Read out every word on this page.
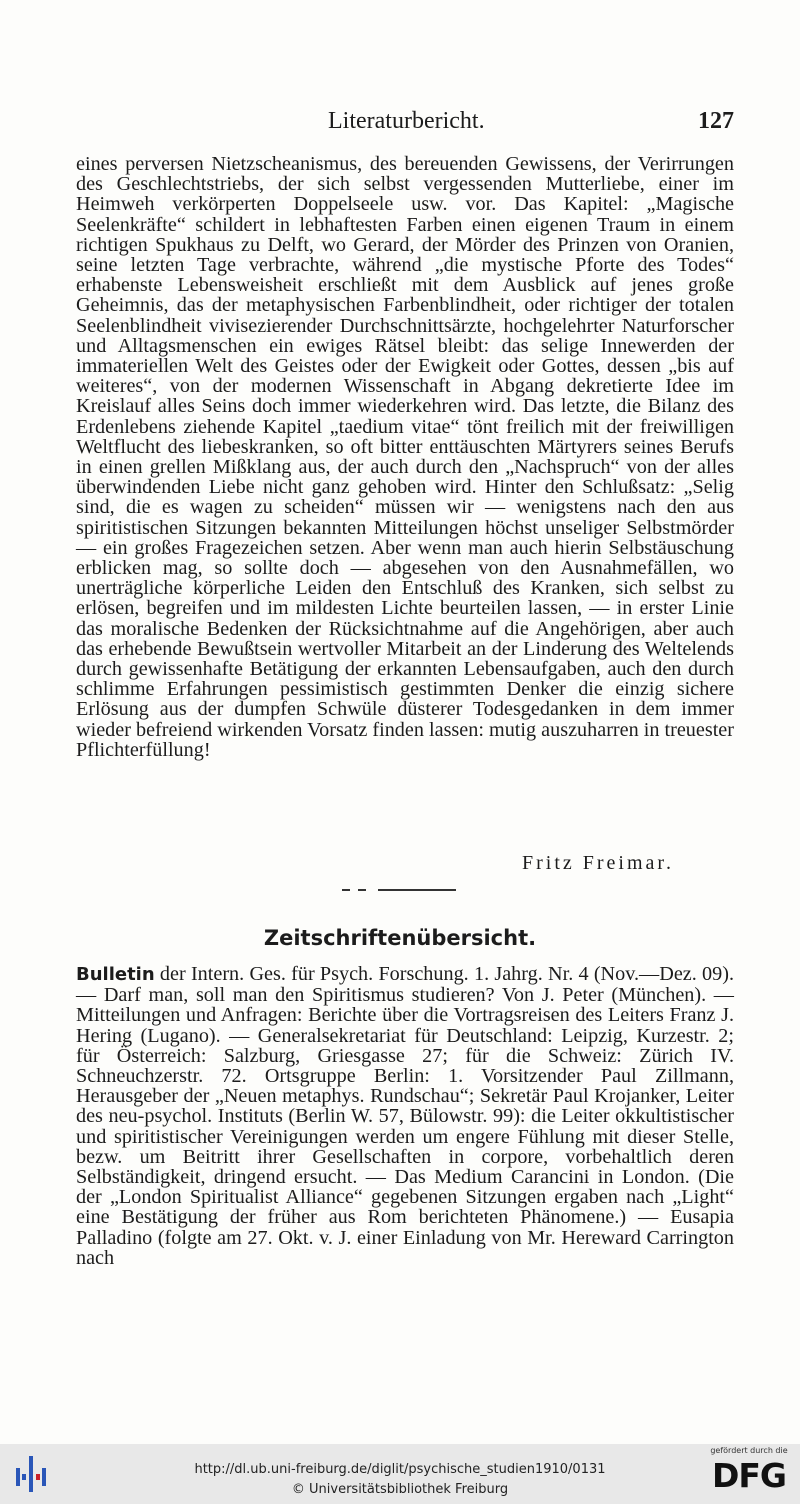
Literaturbericht.	127

eines perversen Nietzscheanismus, des bereuenden Gewissens, der Verirrungen des Geschlechtstriebs, der sich selbst vergessenden Mutterliebe, einer im Heimweh verkörperten Doppelseele usw. vor. Das Kapitel: „Magische Seelenkräfte“ schildert in lebhaftesten Farben einen eigenen Traum in einem richtigen Spukhaus zu Delft, wo Gerard, der Mörder des Prinzen von Oranien, seine letzten Tage verbrachte, während „die mystische Pforte des Todes“ erhabenste Lebensweisheit erschließt mit dem Ausblick auf jenes große Geheimnis, das der metaphysischen Farbenblindheit, oder richtiger der totalen Seelenblindheit vivisezierender Durchschnittsärzte, hochgelehrter Naturforscher und Alltagsmenschen ein ewiges Rätsel bleibt: das selige Innewerden der immateriellen Welt des Geistes oder der Ewigkeit oder Gottes, dessen „bis auf weiteres“, von der modernen Wissenschaft in Abgang dekretierte Idee im Kreislauf alles Seins doch immer wiederkehren wird. Das letzte, die Bilanz des Erdenlebens ziehende Kapitel „taedium vitae“ tönt freilich mit der freiwilligen Weltflucht des liebeskranken, so oft bitter enttäuschten Märtyrers seines Berufs in einen grellen Mißklang aus, der auch durch den „Nachspruch“ von der alles überwindenden Liebe nicht ganz gehoben wird. Hinter den Schlußsatz: „Selig sind, die es wagen zu scheiden“ müssen wir — wenigstens nach den aus spiritistischen Sitzungen bekannten Mitteilungen höchst unseliger Selbstmörder — ein großes Fragezeichen setzen. Aber wenn man auch hierin Selbstäuschung erblicken mag, so sollte doch — abgesehen von den Ausnahmefällen, wo unerträgliche körperliche Leiden den Entschluß des Kranken, sich selbst zu erlösen, begreifen und im mildesten Lichte beurteilen lassen, — in erster Linie das moralische Bedenken der Rücksichtnahme auf die Angehörigen, aber auch das erhebende Bewußtsein wertvoller Mitarbeit an der Linderung des Weltelends durch gewissenhafte Betätigung der erkannten Lebensaufgaben, auch den durch schlimme Erfahrungen pessimistisch gestimmten Denker die einzig sichere Erlösung aus der dumpfen Schwüle düsterer Todesgedanken in dem immer wieder befreiend wirkenden Vorsatz finden lassen: mutig auszuharren in treuester Pflichterfüllung!

Fritz Freimar.
Zeitschriftenübersicht.

Bulletin der Intern. Ges. für Psych. Forschung. 1. Jahrg. Nr. 4 (Nov.—Dez. 09). — Darf man, soll man den Spiritismus studieren? Von J. Peter (München). — Mitteilungen und Anfragen: Berichte über die Vortragsreisen des Leiters Franz J. Hering (Lugano). — Generalsekretariat für Deutschland: Leipzig, Kurzestr. 2; für Österreich: Salzburg, Griesgasse 27; für die Schweiz: Zürich IV. Schneuchzerstr. 72. Ortsgruppe Berlin: 1. Vorsitzender Paul Zillmann, Herausgeber der „Neuen metaphys. Rundschau“; Sekretär Paul Krojanker, Leiter des neu-psychol. Instituts (Berlin W. 57, Bülowstr. 99): die Leiter okkultistischer und spiritistischer Vereinigungen werden um engere Fühlung mit dieser Stelle, bezw. um Beitritt ihrer Gesellschaften in corpore, vorbehaltlich deren Selbständigkeit, dringend ersucht. — Das Medium Carancini in London. (Die der „London Spiritualist Alliance“ gegebenen Sitzungen ergaben nach „Light“ eine Bestätigung der früher aus Rom berichteten Phänomene.) — Eusapia Palladino (folgte am 27. Okt. v. J. einer Einladung von Mr. Hereward Carrington nach

http://dl.ub.uni-freiburg.de/diglit/psychische_studien1910/0131
© Universitätsbibliothek Freiburg
gefördert durch die
DFG
